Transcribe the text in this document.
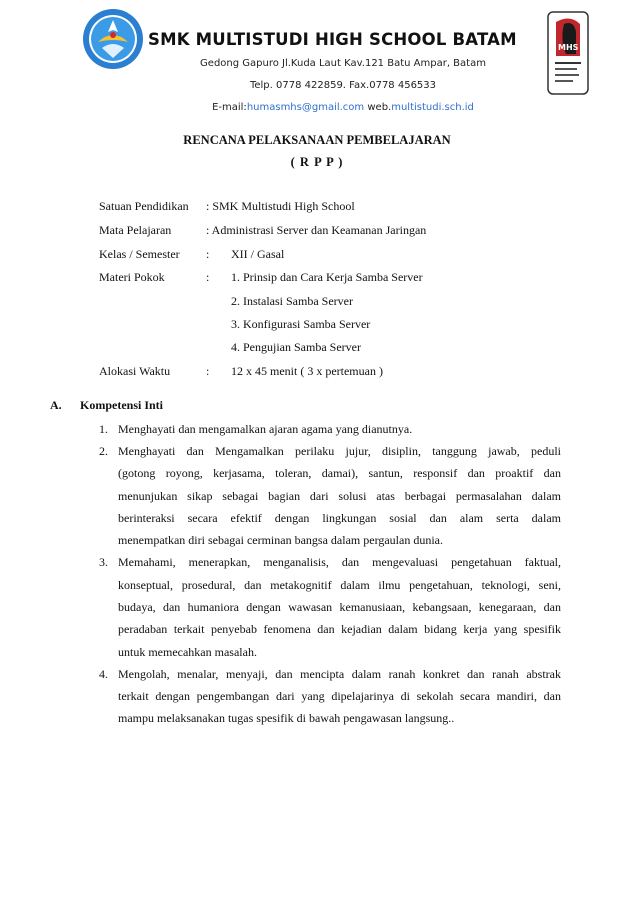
SMK MULTISTUDI HIGH SCHOOL BATAM	MHS
Gedong Gapuro Jl.Kuda Laut Kav.121 Batu Ampar, Batam
Telp. 0778 422859. Fax.0778 456533
E-mail:humasmhs@gmail.com web.multistudi.sch.id
RENCANA PELAKSANAAN PEMBELAJARAN
( R P P )
Satuan Pendidikan : SMK Multistudi High School
Mata Pelajaran	: Administrasi Server dan Keamanan Jaringan
Kelas / Semester : XII / Gasal
Materi Pokok	: 1. Prinsip dan Cara Kerja Samba Server
2. Instalasi Samba Server
3. Konfigurasi Samba Server
4. Pengujian Samba Server
Alokasi Waktu	: 12 x 45 menit ( 3 x pertemuan )
A. Kompetensi Inti
1. Menghayati dan mengamalkan ajaran agama yang dianutnya.
2. Menghayati dan Mengamalkan perilaku jujur, disiplin, tanggung jawab, peduli
(gotong royong, kerjasama, toleran, damai), santun, responsif dan proaktif dan
menunjukan sikap sebagai bagian dari solusi atas berbagai permasalahan dalam
berinteraksi secara efektif dengan lingkungan sosial dan alam serta dalam
menempatkan diri sebagai cerminan bangsa dalam pergaulan dunia.
3. Memahami, menerapkan, menganalisis, dan mengevaluasi pengetahuan faktual,
konseptual, prosedural, dan metakognitif dalam ilmu pengetahuan, teknologi, seni,
budaya, dan humaniora dengan wawasan kemanusiaan, kebangsaan, kenegaraan, dan
peradaban terkait penyebab fenomena dan kejadian dalam bidang kerja yang spesifik
untuk memecahkan masalah.
4. Mengolah, menalar, menyaji, dan mencipta dalam ranah konkret dan ranah abstrak
terkait dengan pengembangan dari yang dipelajarinya di sekolah secara mandiri, dan
mampu melaksanakan tugas spesifik di bawah pengawasan langsung..
